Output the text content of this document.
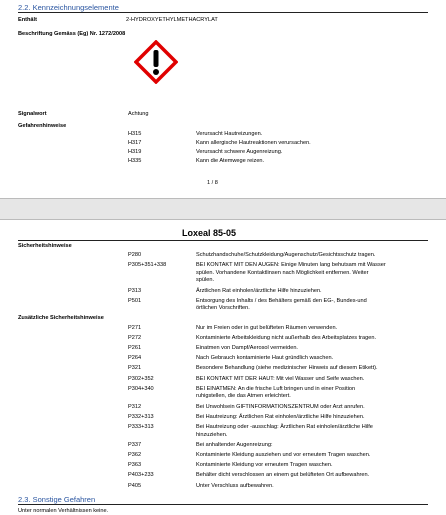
2.2. Kennzeichnungselemente
Enthält	2-HYDROXYETHYLMETHACRYLAT
Beschriftung Gemäss (Eg) Nr. 1272/2008
Signalwort	Achtung
Gefahrenhinweise
H315	Verursacht Hautreizungen.
H317	Kann allergische Hautreaktionen verursachen.
H319	Verursacht schwere Augenreizung.
H335	Kann die Atemwege reizen.
1 / 8
Loxeal 85-05
Sicherheitshinweise
P280	Schutzhandschuhe/Schutzkleidung/Augenschutz/Gesichtsschutz tragen.
P305+351+338	BEI KONTAKT MIT DEN AUGEN: Einige Minuten lang behutsam mit Wasser
spülen. Vorhandene Kontaktlinsen nach Möglichkeit entfernen. Weiter
spülen.
P313	Ärztlichen Rat einholen/ärztliche Hilfe hinzuziehen.
P501	Entsorgung des Inhalts / des Behälters gemäß den EG-, Bundes-und
örtlichen Vorschriften.
Zusätzliche Sicherheitshinweise
P271	Nur im Freien oder in gut belüfteten Räumen verwenden.
P272	Kontaminierte Arbeitskleidung nicht außerhalb des Arbeitsplatzes tragen.
P261	Einatmen von Dampf/Aerosol vermeiden.
P264	Nach Gebrauch kontaminierte Haut gründlich waschen.
P321	Besondere Behandlung (siehe medizinischer Hinweis auf diesem Etikett).
P302+352	BEI KONTAKT MIT DER HAUT: Mit viel Wasser und Seife waschen.
P304+340	BEI EINATMEN: An die frische Luft bringen und in einer Position
ruhigstellen, die das Atmen erleichtert.
P312	Bei Unwohlsein GIFTINFORMATIONSZENTRUM oder Arzt anrufen.
P332+313	Bei Hautreizung: Ärztlichen Rat einholen/ärztliche Hilfe hinzuziehen.
P333+313	Bei Hautreizung oder -ausschlag: Ärztlichen Rat einholen/ärztliche Hilfe
hinzuziehen.
P337	Bei anhaltender Augenreizung:
P362	Kontaminierte Kleidung ausziehen und vor erneutem Tragen waschen.
P363	Kontaminierte Kleidung vor erneutem Tragen waschen.
P403+233	Behälter dicht verschlossen an einem gut belüfteten Ort aufbewahren.
P405	Unter Verschluss aufbewahren.
2.3. Sonstige Gefahren
Unter normalen Verhältnissen keine.
